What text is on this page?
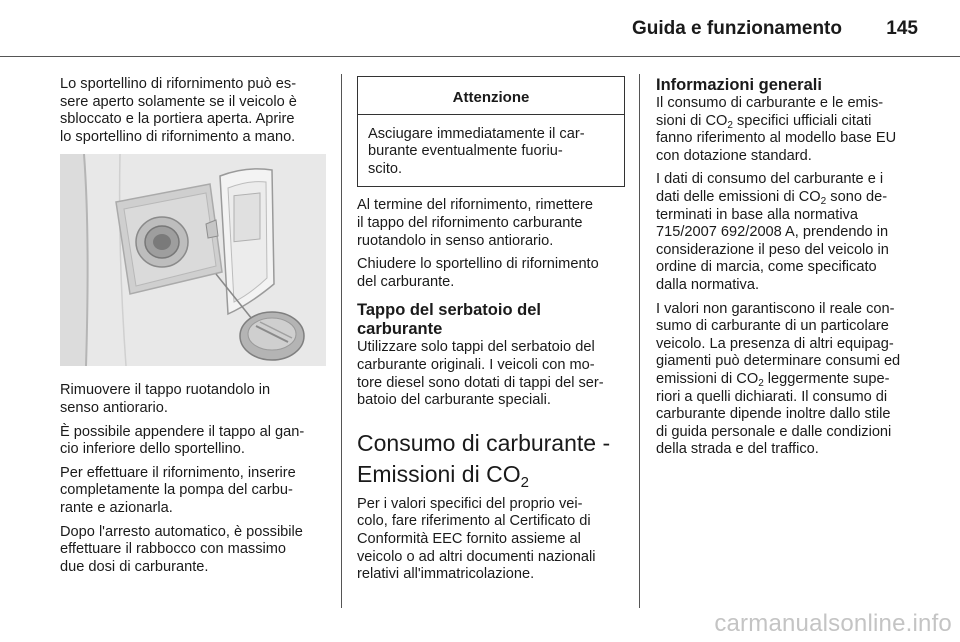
Guida e funzionamento 145

Lo sportellino di rifornimento può es-
sere aperto solamente se il veicolo è
sbloccato e la portiera aperta. Aprire
lo sportellino di rifornimento a mano.

Rimuovere il tappo ruotandolo in
senso antiorario.

È possibile appendere il tappo al gan-
cio inferiore dello sportellino.

Per effettuare il rifornimento, inserire
completamente la pompa del carbu-
rante e azionarla.

Dopo l'arresto automatico, è possibile
effettuare il rabbocco con massimo
due dosi di carburante.

Attenzione
Asciugare immediatamente il car-
burante eventualmente fuoriu-
scito.

Al termine del rifornimento, rimettere
il tappo del rifornimento carburante
ruotandolo in senso antiorario.

Chiudere lo sportellino di rifornimento
del carburante.

Tappo del serbatoio del
carburante

Utilizzare solo tappi del serbatoio del
carburante originali. I veicoli con mo-
tore diesel sono dotati di tappi del ser-
batoio del carburante speciali.

Consumo di carburante -
Emissioni di $CO_2$

Per i valori specifici del proprio vei-
colo, fare riferimento al Certificato di
Conformità EEC fornito assieme al
veicolo o ad altri documenti nazionali
relativi all'immatricolazione.

Informazioni generali

Il consumo di carburante e le emis-
sioni di $CO_2$ specifici ufficiali citati
fanno riferimento al modello base EU
con dotazione standard.

I dati di consumo del carburante e i
dati delle emissioni di $CO_2$ sono de-
terminati in base alla normativa
715/2007 692/2008 A, prendendo in
considerazione il peso del veicolo in
ordine di marcia, come specificato
dalla normativa.

I valori non garantiscono il reale con-
sumo di carburante di un particolare
veicolo. La presenza di altri equipag-
giamenti può determinare consumi ed
emissioni di $CO_2$ leggermente supe-
riori a quelli dichiarati. Il consumo di
carburante dipende inoltre dallo stile
di guida personale e dalle condizioni
della strada e del traffico.

carmanualsonline.info
